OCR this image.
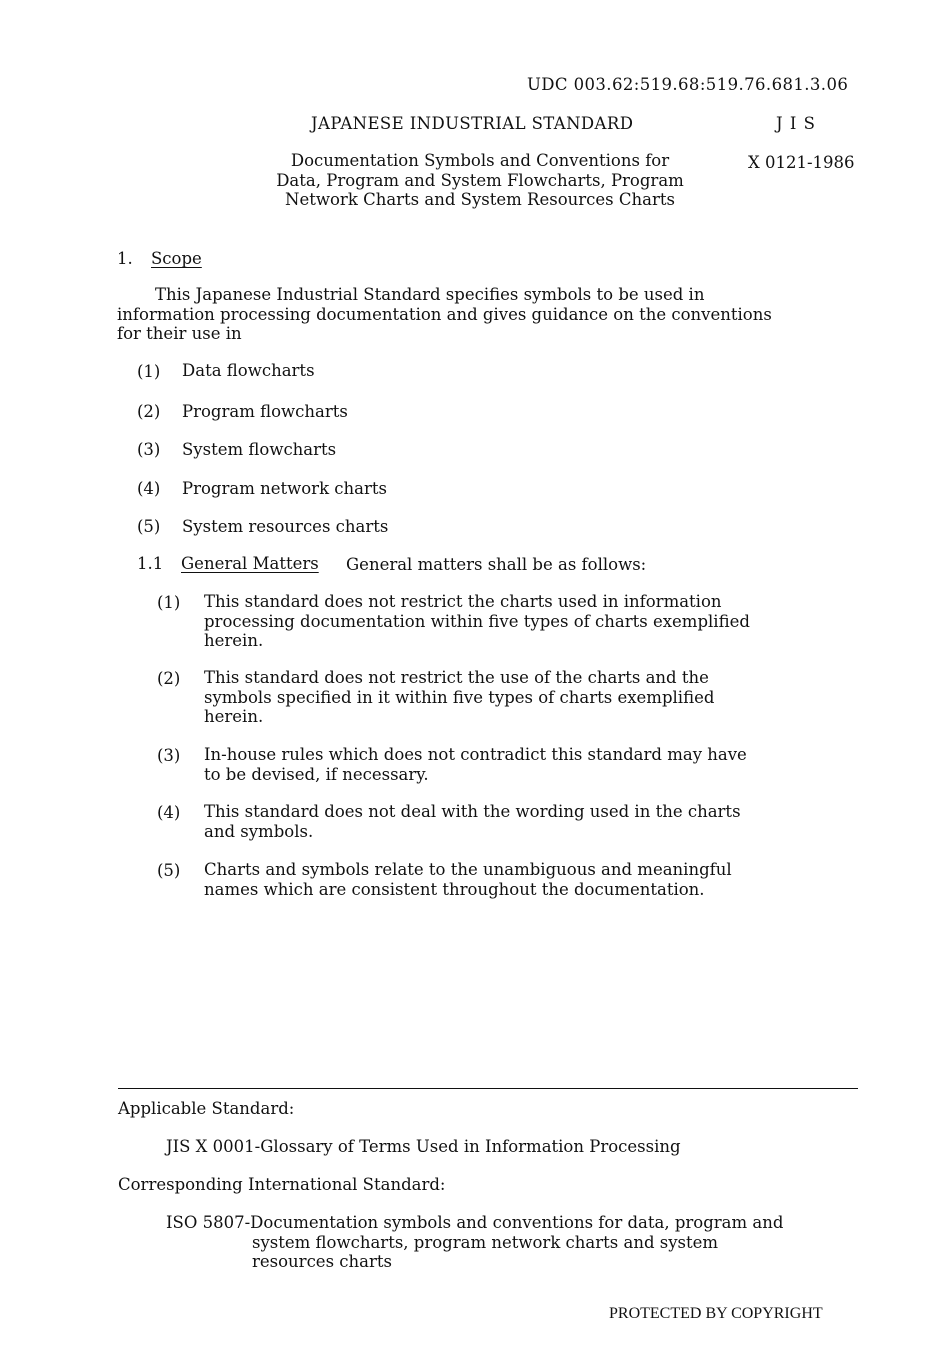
UDC 003.62:519.68:519.76.681.3.06
JAPANESE INDUSTRIAL STANDARD	J I S
Documentation Symbols and Conventions for
Data, Program and System Flowcharts, Program
Network Charts and System Resources Charts
X 0121-1986
1. Scope
This Japanese Industrial Standard specifies symbols to be used in
information processing documentation and gives guidance on the conventions
for their use in
(1) Data flowcharts
(2) Program flowcharts
(3) System flowcharts
(4) Program network charts
(5) System resources charts
1.1 General Matters General matters shall be as follows:
(1) This standard does not restrict the charts used in information
processing documentation within five types of charts exemplified
herein.
(2) This standard does not restrict the use of the charts and the
symbols specified in it within five types of charts exemplified
herein.
(3) In-house rules which does not contradict this standard may have
to be devised, if necessary.
(4) This standard does not deal with the wording used in the charts
and symbols.
(5) Charts and symbols relate to the unambiguous and meaningful
names which are consistent throughout the documentation.
Applicable Standard:
JIS X 0001-Glossary of Terms Used in Information Processing
Corresponding International Standard:
ISO 5807-Documentation symbols and conventions for data, program and
system flowcharts, program network charts and system
resources charts
PROTECTED BY COPYRIGHT
